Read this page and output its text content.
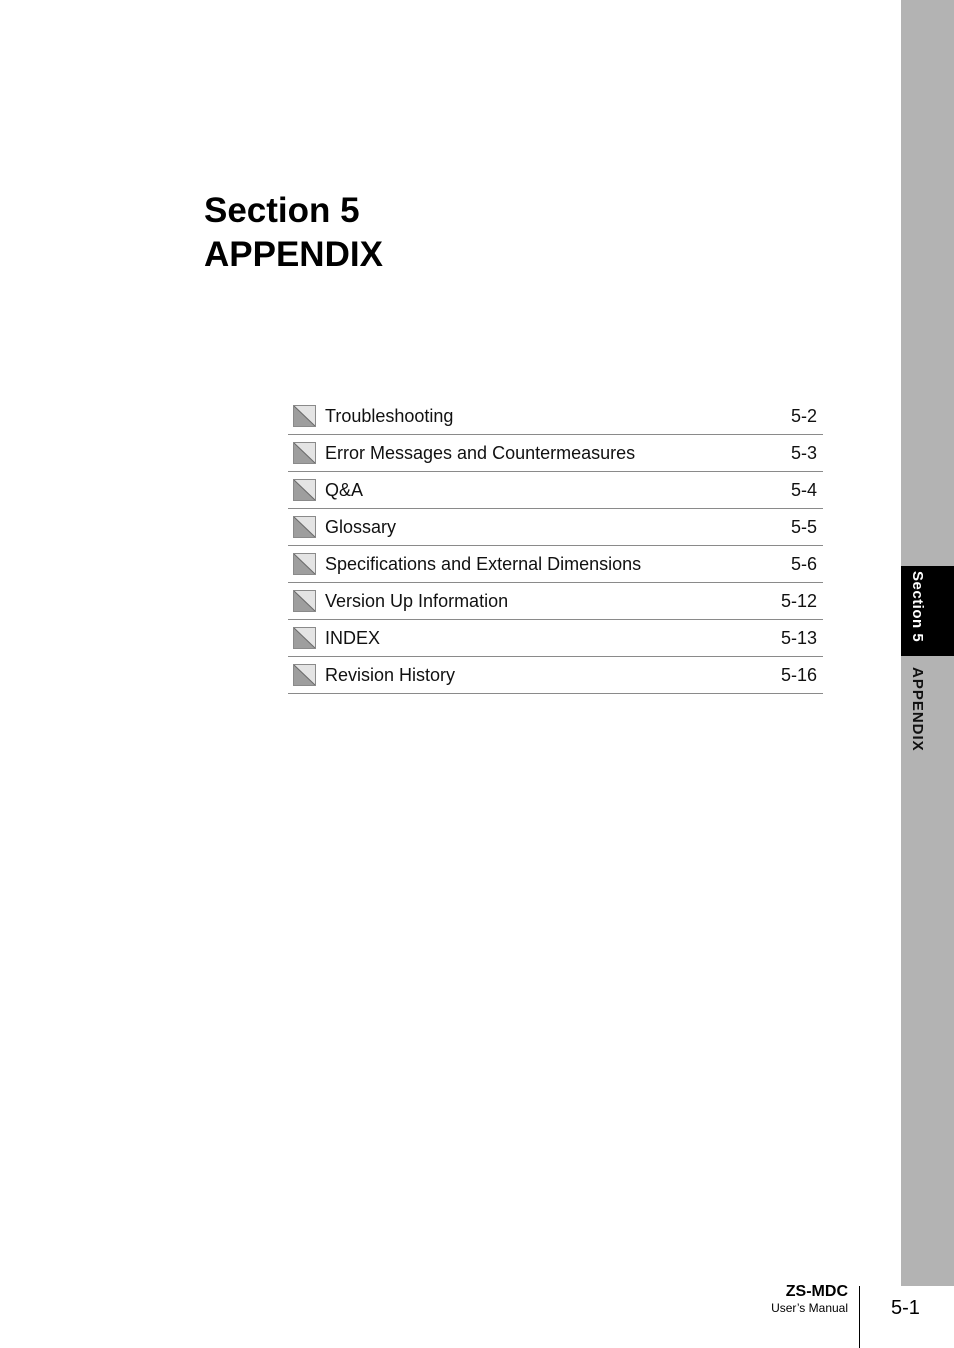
Section 5
APPENDIX
Section 5
APPENDIX
Troubleshooting	5-2
Error Messages and Countermeasures	5-3
Q&A	5-4
Glossary	5-5
Specifications and External Dimensions	5-6
Version Up Information	5-12
INDEX	5-13
Revision History	5-16
ZS-MDC
User’s Manual 5-1
